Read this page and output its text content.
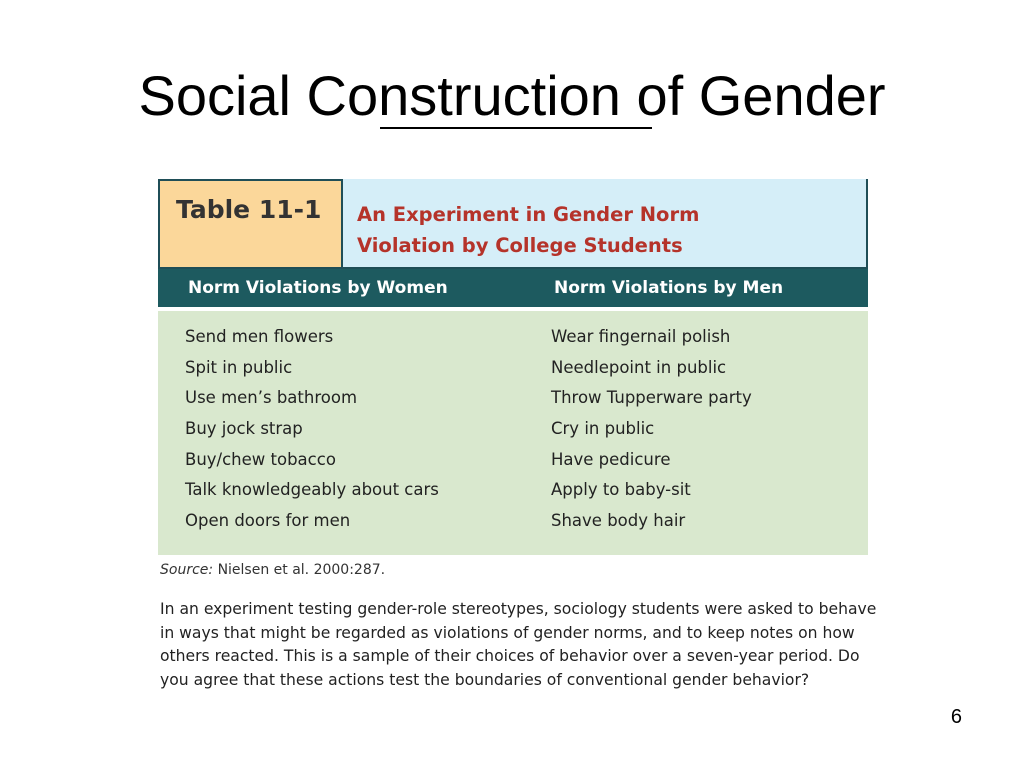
Social Construction of Gender
Table 11-1	An Experiment in Gender Norm
Violation by College Students
Norm Violations by Women	Norm Violations by Men
Send men flowers	Wear fingernail polish
Spit in public	Needlepoint in public
Use men’s bathroom	Throw Tupperware party
Buy jock strap	Cry in public
Buy/chew tobacco	Have pedicure
Talk knowledgeably about cars	Apply to baby-sit
Open doors for men	Shave body hair
Source: Nielsen et al. 2000:287.

In an experiment testing gender-role stereotypes, sociology students were asked to behave in ways that might be regarded as violations of gender norms, and to keep notes on how others reacted. This is a sample of their choices of behavior over a seven-year period. Do you agree that these actions test the boundaries of conventional gender behavior?

6
